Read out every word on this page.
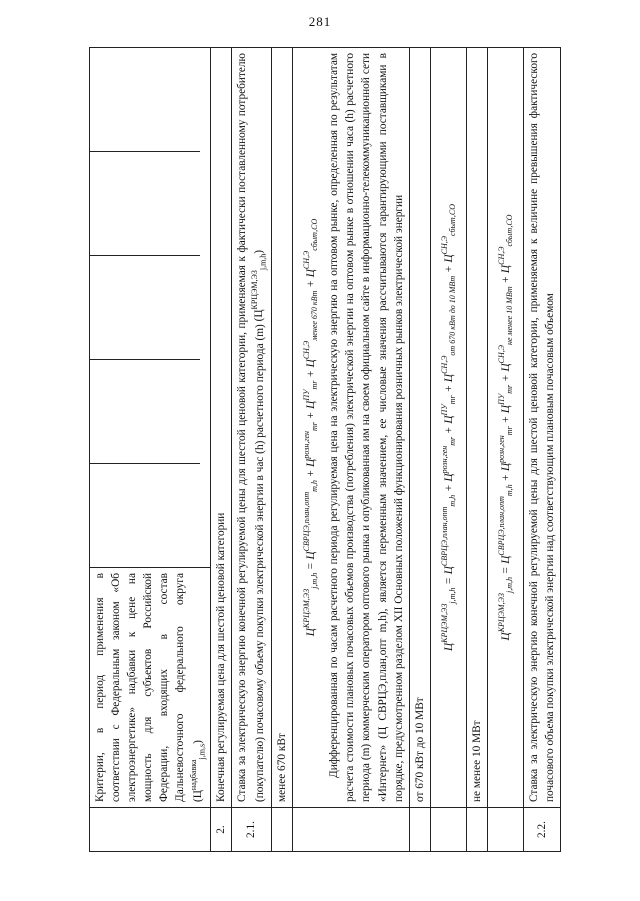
281
	Критерии, в период применения в соответствии с Федеральным законом «Об электроэнергетике» надбавки к цене на мощность для субъектов Российской Федерации, входящих в состав Дальневосточного федерального округа $(Ц^{надбавка}_{j,m,s})$	

2.	Конечная регулируемая цена для шестой ценовой категории	
2.1.	Ставка за электрическую энергию конечной регулируемой цены для шестой ценовой категории, применяемая к фактически поставленному потребителю (покупателю) почасовому объему покупки электрической энергии в час (h) расчетного периода (m) $(Ц^{КРЦЭМ,ЭЗ}_{j,m,h})$	
	менее 670 кВт	

	$Ц^{КРЦЭМ,ЭЗ}_{j,m,h} = Ц^{СВРЦЭ,план,опт}_{m,h} + Ц^{розн,ген}_{mr} + Ц^{ПУ}_{mr} + Ц^{СН,Э}_{менее 670 кВт} + Ц^{СН,Э}_{сбыт,СО}$ Дифференцированная по часам расчетного периода регулируемая цена на электрическую энергию на оптовом рынке, определенная по результатам расчета стоимости плановых почасовых объемов производства (потребления) электрической энергии на оптовом рынке в отношении часа (h) расчетного периода (m) коммерческим оператором оптового рынка и опубликованная им на своем официальном сайте в информационно-телекоммуникационной сети «Интернет» (Ц СВРЦЭ,план,опт m,h), является переменным значением, ее числовые значения рассчитываются гарантирующими поставщиками в порядке, предусмотренном разделом XII Основных положений функционирования розничных рынков электрической энергии	

	от 670 кВт до 10 МВт	

	$Ц^{КРЦЭМ,ЭЗ}_{j,m,h} = Ц^{СВРЦЭ,план,опт}_{m,h} + Ц^{розн,ген}_{mr} + Ц^{ПУ}_{mr} + Ц^{СН,Э}_{от 670 кВт до 10 МВт} + Ц^{СН,Э}_{сбыт,СО}$

	не менее 10 МВт	

	$Ц^{КРЦЭМ,ЭЗ}_{j,m,h} = Ц^{СВРЦЭ,план,опт}_{m,h} + Ц^{розн,ген}_{mr} + Ц^{ПУ}_{mr} + Ц^{СН,Э}_{не менее 10 МВт} + Ц^{СН,Э}_{сбыт,СО}$

2.2.	Ставка за электрическую энергию конечной регулируемой цены для шестой ценовой категории, применяемая к величине превышения фактического почасового объема покупки электрической энергии над соответствующим плановым почасовым объемом	
